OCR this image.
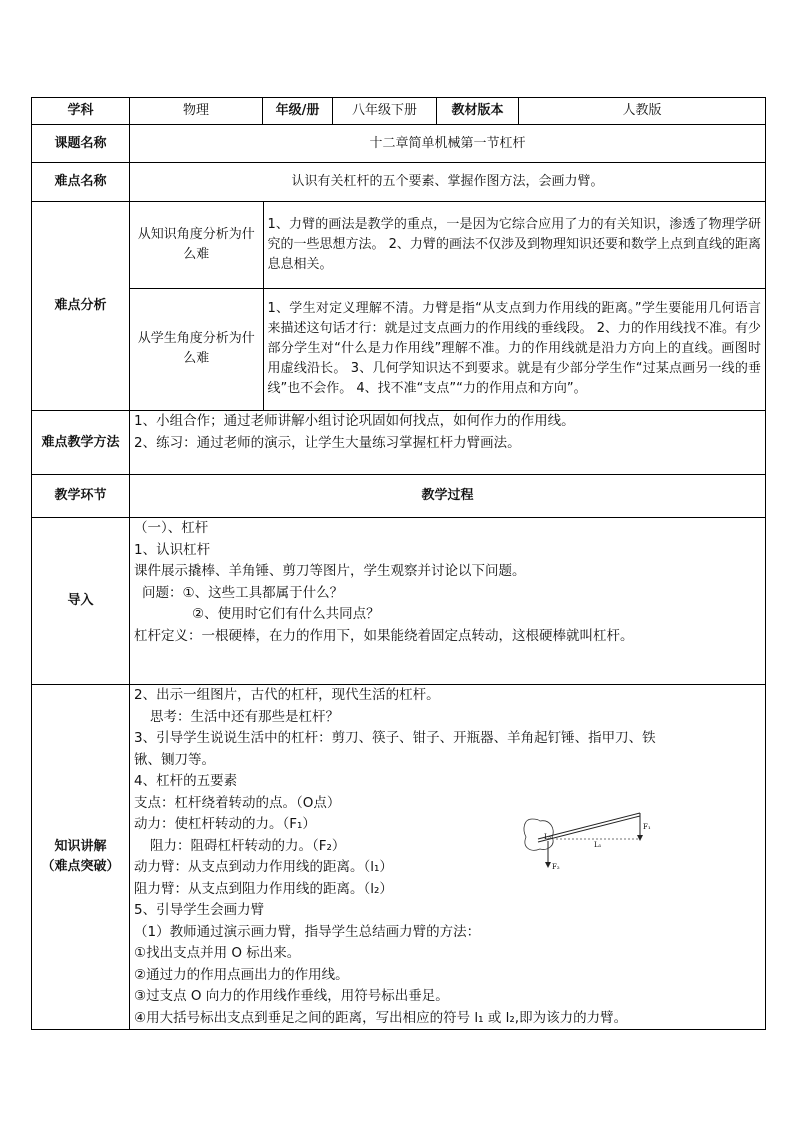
学科	物理	年级/册	八年级下册	教材版本	人教版
课题名称	十二章简单机械第一节杠杆
难点名称	认识有关杠杆的五个要素、掌握作图方法，会画力臂。
难点分析	
从知识角度分析为什么难	1、力臂的画法是教学的重点，一是因为它综合应用了力的有关知识，渗透了物理学研究的一些思想方法。 2、力臂的画法不仅涉及到物理知识还要和数学上点到直线的距离息息相关。
从学生角度分析为什么难	1、学生对定义理解不清。力臂是指“从支点到力作用线的距离。”学生要能用几何语言来描述这句话才行：就是过支点画力的作用线的垂线段。 2、力的作用线找不准。有少部分学生对“什么是力作用线”理解不准。力的作用线就是沿力方向上的直线。画图时用虚线沿长。 3、几何学知识达不到要求。就是有少部分学生作“过某点画另一线的垂线”也不会作。 4、找不准“支点”“力的作用点和方向”。

难点教学方法	

1、小组合作；通过老师讲解小组讨论巩固如何找点，如何作力的作用线。

2、练习：通过老师的演示，让学生大量练习掌握杠杆力臂画法。

教学环节	教学过程
导入	

（一）、杠杆

1、认识杠杆

课件展示撬棒、羊角锤、剪刀等图片，学生观察并讨论以下问题。

问题：①、这些工具都属于什么？

②、使用时它们有什么共同点？

杠杆定义：一根硬棒，在力的作用下，如果能绕着固定点转动，这根硬棒就叫杠杆。

知识讲解
（难点突破）

2、出示一组图片，古代的杠杆，现代生活的杠杆。

思考：生活中还有那些是杠杆？

3、引导学生说说生活中的杠杆：剪刀、筷子、钳子、开瓶器、羊角起钉锤、指甲刀、铁

锹、铡刀等。

4、杠杆的五要素

支点：杠杆绕着转动的点。（O点）

动力：使杠杆转动的力。（F₁）

阻力：阻碍杠杆转动的力。（F₂）

动力臂：从支点到动力作用线的距离。（l₁）

阻力臂：从支点到阻力作用线的距离。（l₂）

5、引导学生会画力臂

（1）教师通过演示画力臂，指导学生总结画力臂的方法：

①找出支点并用 O 标出来。

②通过力的作用点画出力的作用线。

③过支点 O 向力的作用线作垂线，用符号标出垂足。

④用大括号标出支点到垂足之间的距离，写出相应的符号 l₁ 或 l₂,即为该力的力臂。

F₁
L₁
L₂
F₂
